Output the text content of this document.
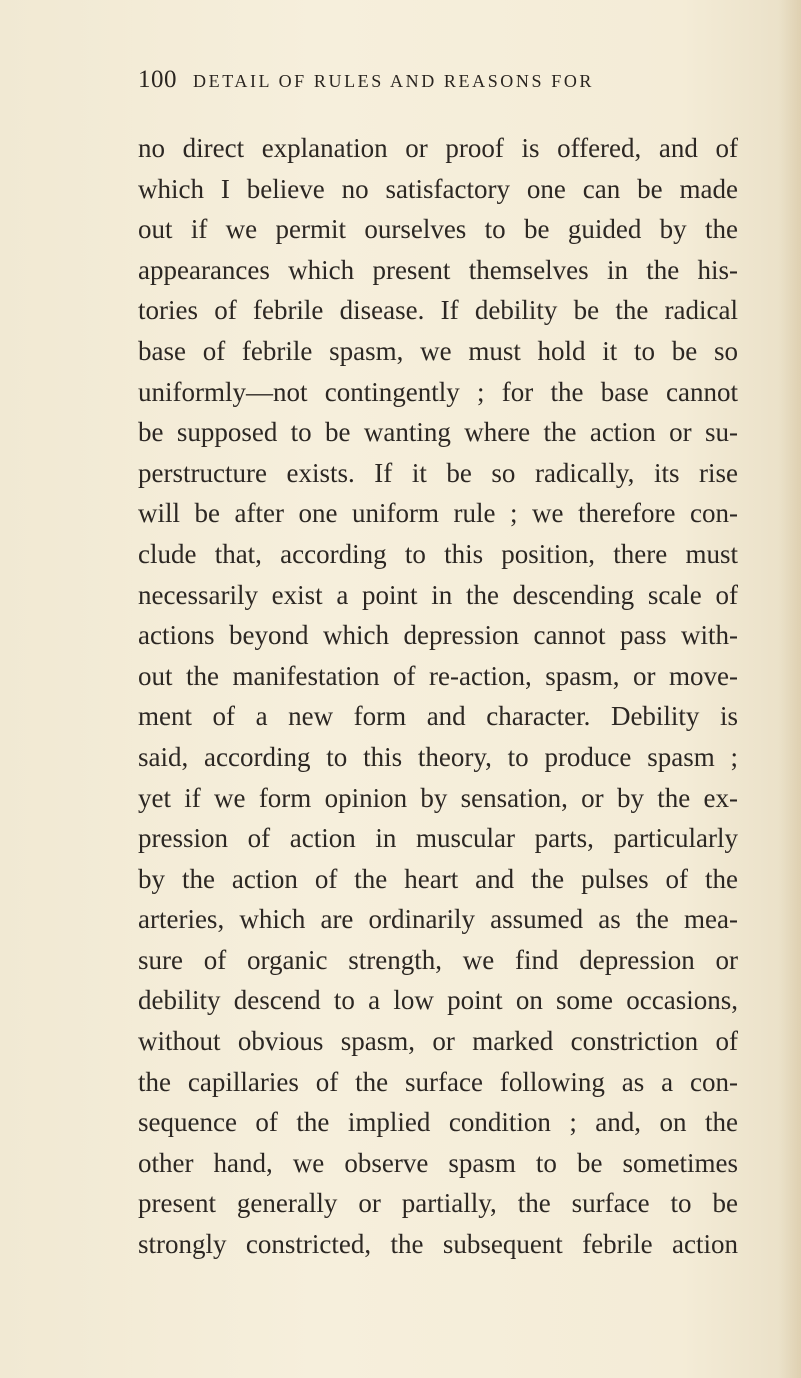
100 DETAIL OF RULES AND REASONS FOR
no direct explanation or proof is offered, and of
which I believe no satisfactory one can be made
out if we permit ourselves to be guided by the
appearances which present themselves in the his-
tories of febrile disease. If debility be the radical
base of febrile spasm, we must hold it to be so
uniformly—not contingently ; for the base cannot
be supposed to be wanting where the action or su-
perstructure exists. If it be so radically, its rise
will be after one uniform rule ; we therefore con-
clude that, according to this position, there must
necessarily exist a point in the descending scale of
actions beyond which depression cannot pass with-
out the manifestation of re-action, spasm, or move-
ment of a new form and character. Debility is
said, according to this theory, to produce spasm ;
yet if we form opinion by sensation, or by the ex-
pression of action in muscular parts, particularly
by the action of the heart and the pulses of the
arteries, which are ordinarily assumed as the mea-
sure of organic strength, we find depression or
debility descend to a low point on some occasions,
without obvious spasm, or marked constriction of
the capillaries of the surface following as a con-
sequence of the implied condition ; and, on the
other hand, we observe spasm to be sometimes
present generally or partially, the surface to be
strongly constricted, the subsequent febrile action
